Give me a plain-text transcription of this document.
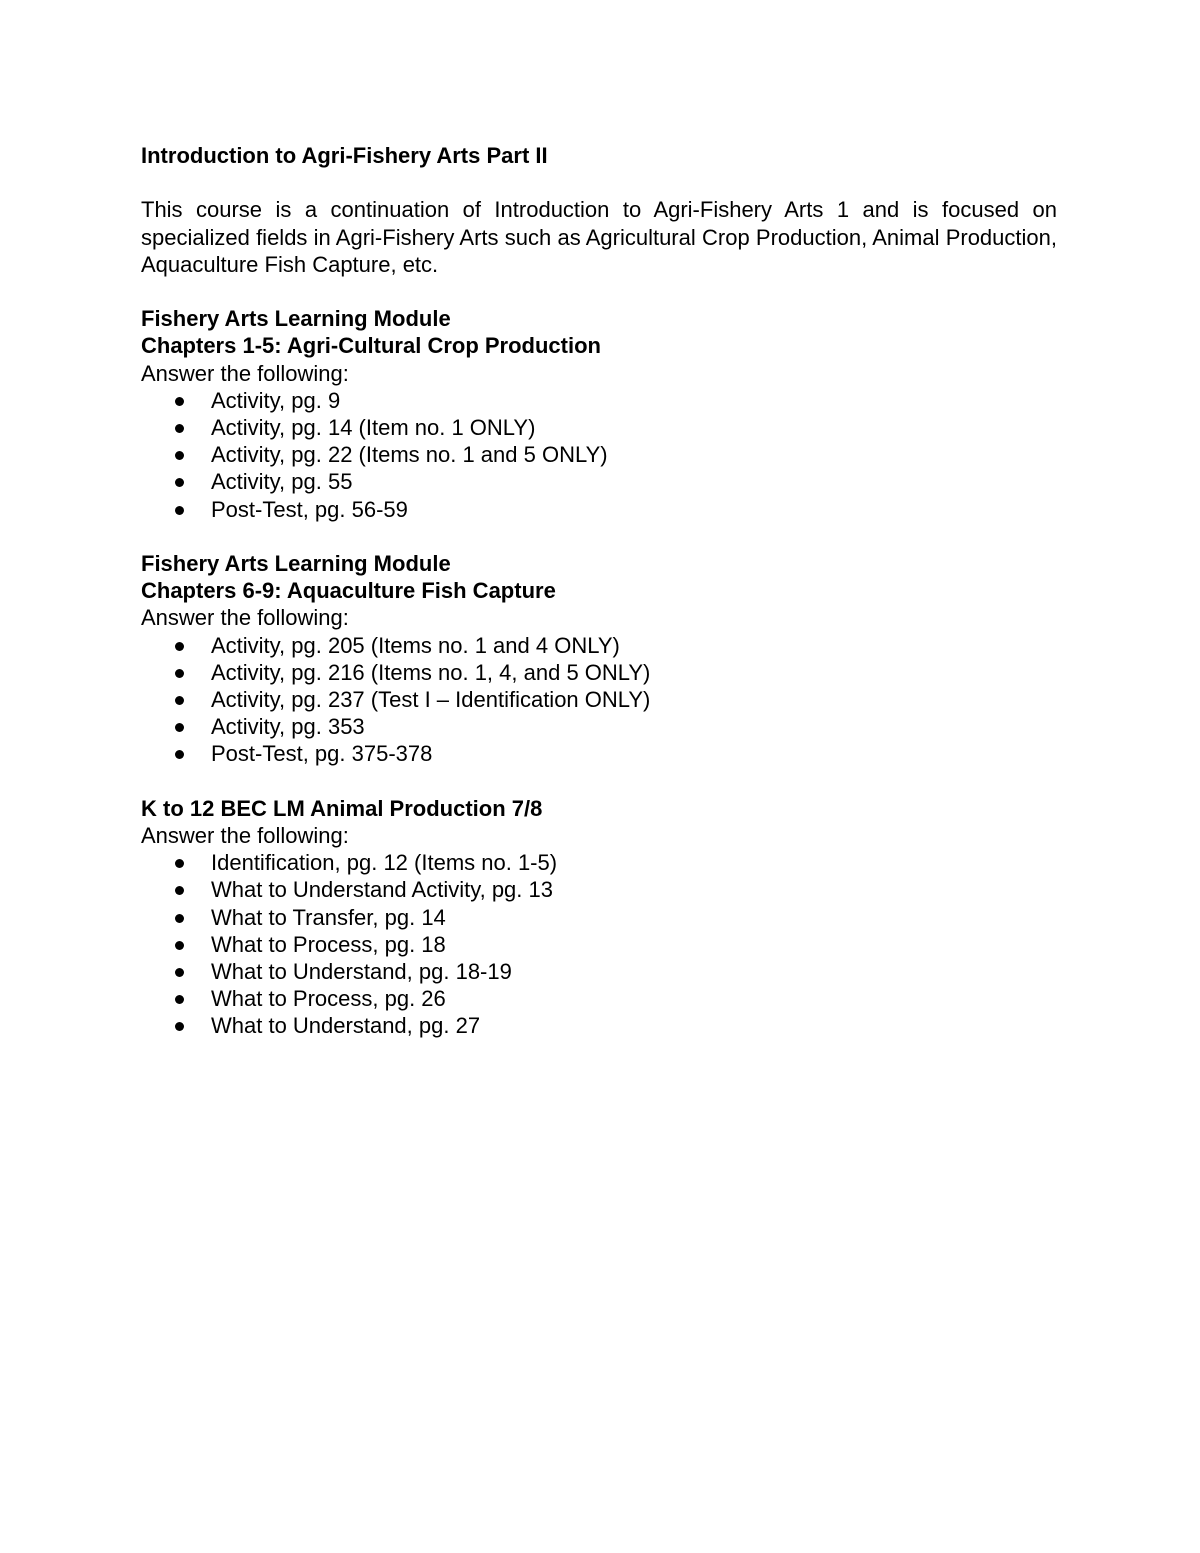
Introduction to Agri-Fishery Arts Part II

This course is a continuation of Introduction to Agri-Fishery Arts 1 and is focused on specialized fields in Agri-Fishery Arts such as Agricultural Crop Production, Animal Production, Aquaculture Fish Capture, etc.

Fishery Arts Learning Module

Chapters 1-5: Agri-Cultural Crop Production

Answer the following:

Activity, pg. 9
Activity, pg. 14 (Item no. 1 ONLY)
Activity, pg. 22 (Items no. 1 and 5 ONLY)
Activity, pg. 55
Post-Test, pg. 56-59

Fishery Arts Learning Module

Chapters 6-9: Aquaculture Fish Capture

Answer the following:

Activity, pg. 205 (Items no. 1 and 4 ONLY)
Activity, pg. 216 (Items no. 1, 4, and 5 ONLY)
Activity, pg. 237 (Test I – Identification ONLY)
Activity, pg. 353
Post-Test, pg. 375-378

K to 12 BEC LM Animal Production 7/8

Answer the following:

Identification, pg. 12 (Items no. 1-5)
What to Understand Activity, pg. 13
What to Transfer, pg. 14
What to Process, pg. 18
What to Understand, pg. 18-19
What to Process, pg. 26
What to Understand, pg. 27
